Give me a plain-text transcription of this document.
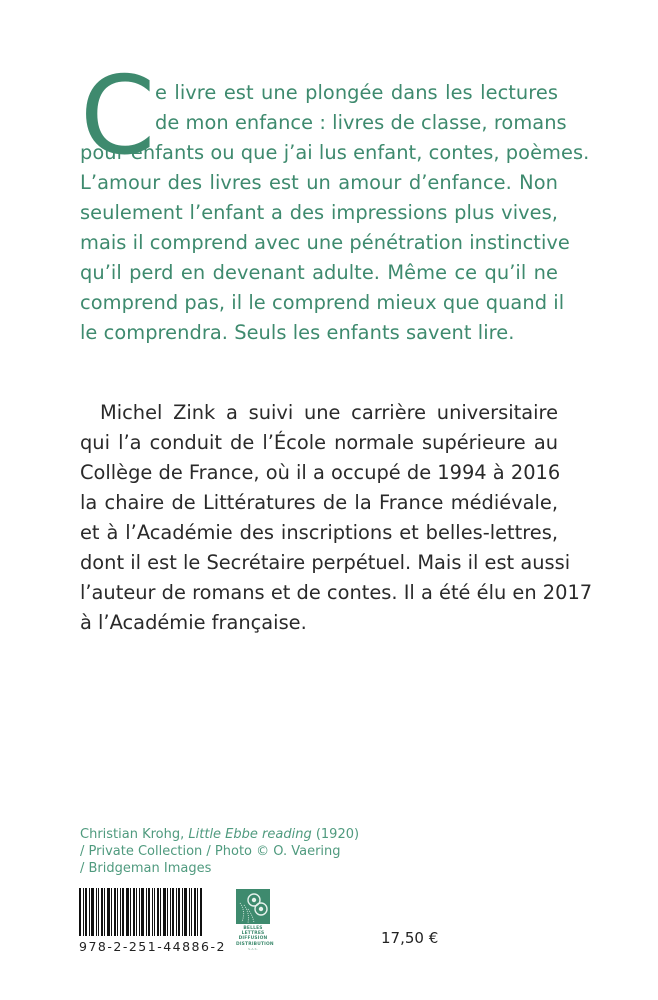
C e livre est une plongée dans les lectures
de mon enfance : livres de classe, romans
pour enfants ou que j’ai lus enfant, contes, poèmes.
L’amour des livres est un amour d’enfance. Non
seulement l’enfant a des impressions plus vives,
mais il comprend avec une pénétration instinctive
qu’il perd en devenant adulte. Même ce qu’il ne
comprend pas, il le comprend mieux que quand il
le comprendra. Seuls les enfants savent lire.
Michel Zink a suivi une carrière universitaire
qui l’a conduit de l’École normale supérieure au
Collège de France, où il a occupé de 1994 à 2016
la chaire de Littératures de la France médiévale,
et à l’Académie des inscriptions et belles-lettres,
dont il est le Secrétaire perpétuel. Mais il est aussi
l’auteur de romans et de contes. Il a été élu en 2017
à l’Académie française.
Christian Krohg, Little Ebbe reading (1920)
/ Private Collection / Photo © O. Vaering
/ Bridgeman Images
978-2-251-44886-2
BELLES LETTRES
DIFFUSION
DISTRIBUTION
S.A.S.
17,50 €
